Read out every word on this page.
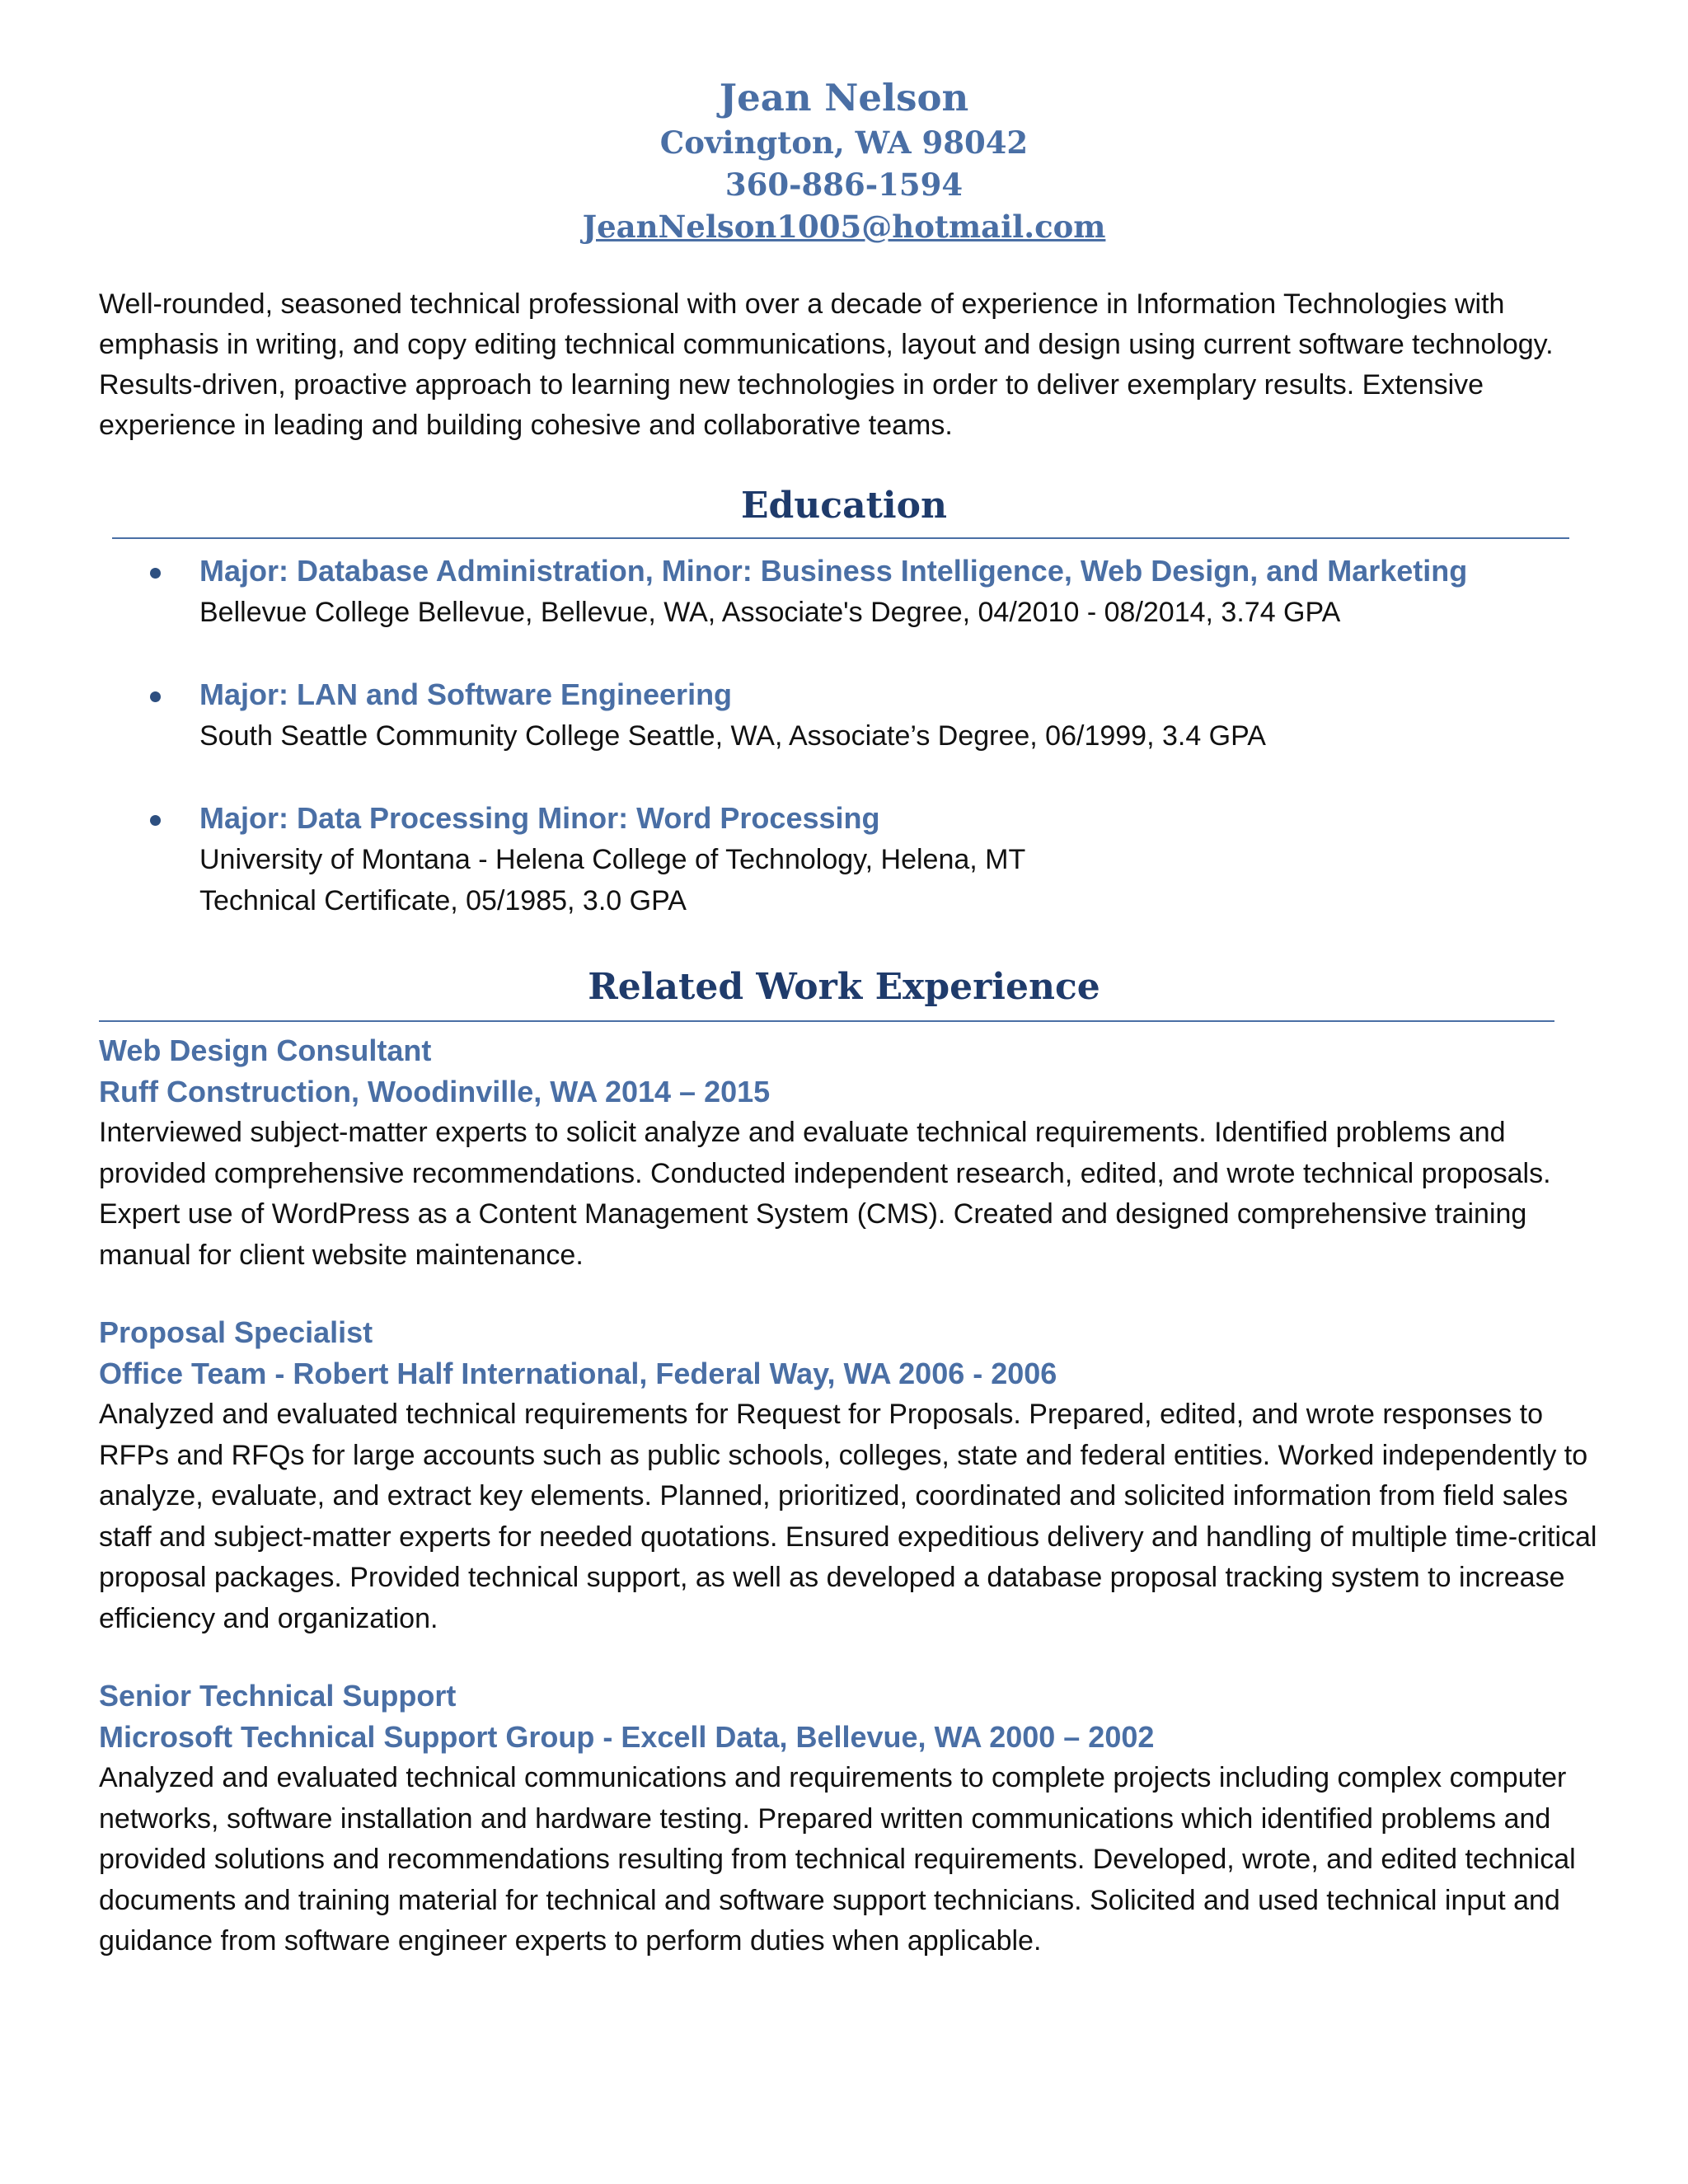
Jean Nelson
Covington, WA 98042
360-886-1594
JeanNelson1005@hotmail.com
Well-rounded, seasoned technical professional with over a decade of experience in Information Technologies with emphasis in writing, and copy editing technical communications, layout and design using current software technology. Results-driven, proactive approach to learning new technologies in order to deliver exemplary results. Extensive experience in leading and building cohesive and collaborative teams.
Education
Major: Database Administration, Minor: Business Intelligence, Web Design, and Marketing
Bellevue College Bellevue, Bellevue, WA, Associate's Degree, 04/2010 - 08/2014, 3.74 GPA
Major: LAN and Software Engineering
South Seattle Community College Seattle, WA, Associate’s Degree, 06/1999, 3.4 GPA
Major: Data Processing Minor: Word Processing
University of Montana - Helena College of Technology, Helena, MT
Technical Certificate, 05/1985, 3.0 GPA
Related Work Experience
Web Design Consultant
Ruff Construction, Woodinville, WA 2014 – 2015
Interviewed subject-matter experts to solicit analyze and evaluate technical requirements. Identified problems and provided comprehensive recommendations. Conducted independent research, edited, and wrote technical proposals. Expert use of WordPress as a Content Management System (CMS). Created and designed comprehensive training manual for client website maintenance.
Proposal Specialist
Office Team - Robert Half International, Federal Way, WA 2006 - 2006
Analyzed and evaluated technical requirements for Request for Proposals. Prepared, edited, and wrote responses to RFPs and RFQs for large accounts such as public schools, colleges, state and federal entities. Worked independently to analyze, evaluate, and extract key elements. Planned, prioritized, coordinated and solicited information from field sales staff and subject-matter experts for needed quotations. Ensured expeditious delivery and handling of multiple time-critical proposal packages. Provided technical support, as well as developed a database proposal tracking system to increase efficiency and organization.
Senior Technical Support
Microsoft Technical Support Group - Excell Data, Bellevue, WA 2000 – 2002
Analyzed and evaluated technical communications and requirements to complete projects including complex computer networks, software installation and hardware testing. Prepared written communications which identified problems and provided solutions and recommendations resulting from technical requirements. Developed, wrote, and edited technical documents and training material for technical and software support technicians. Solicited and used technical input and guidance from software engineer experts to perform duties when applicable.
